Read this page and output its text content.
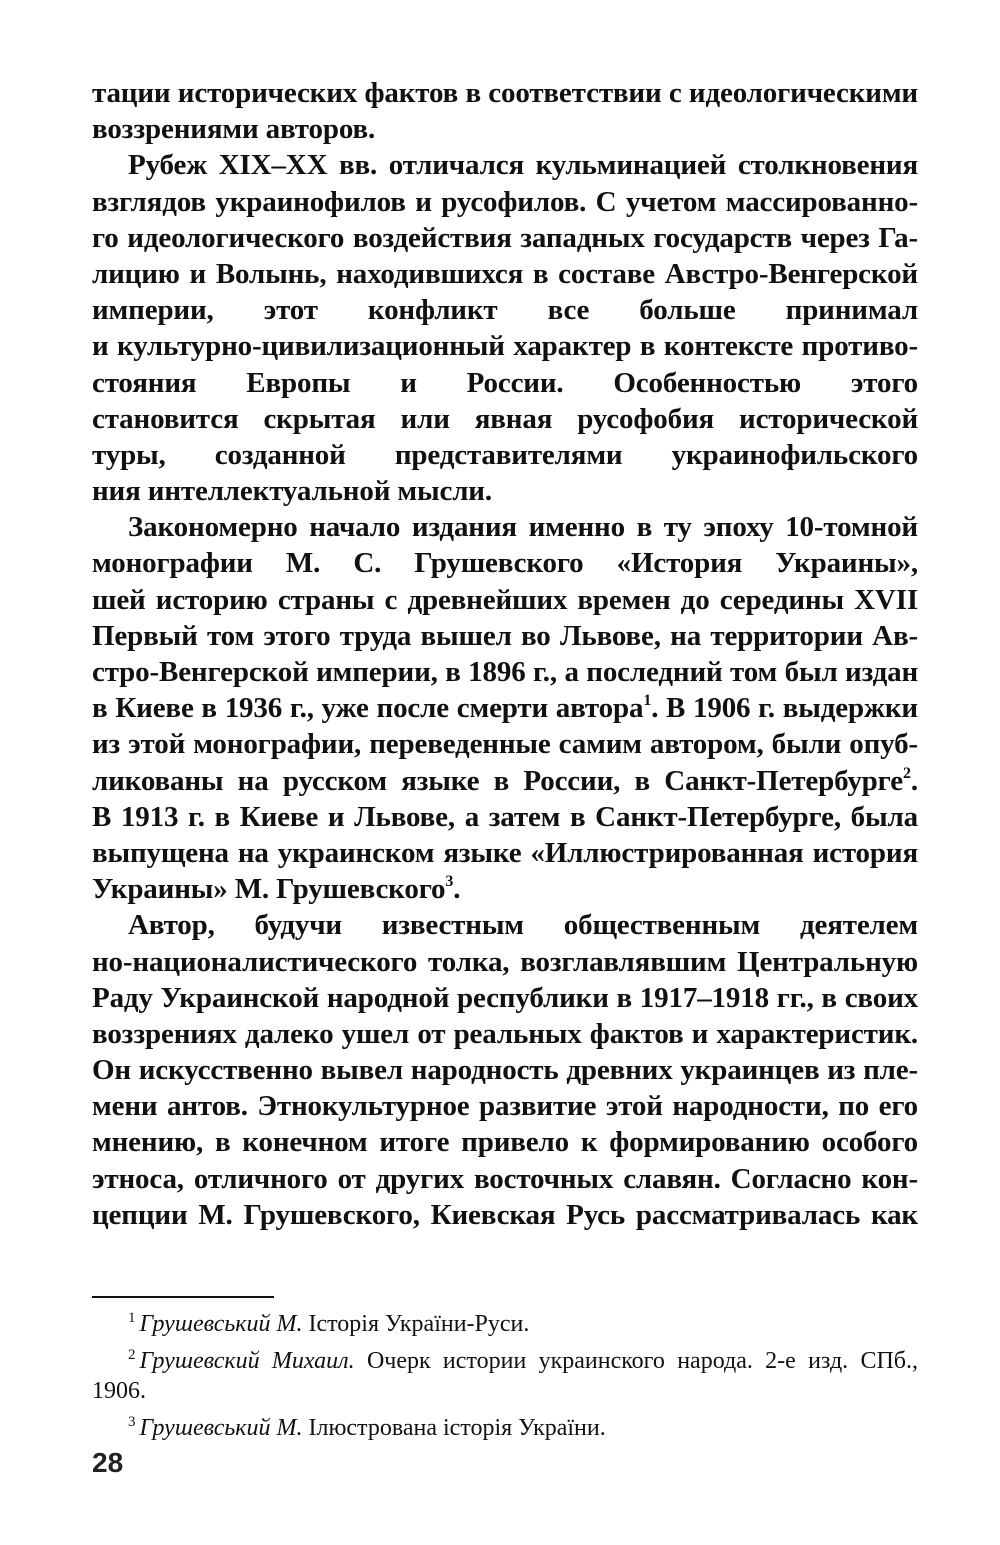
тации исторических фактов в соответствии с идеологическими
воззрениями авторов.
Рубеж XIX–XX вв. отличался кульминацией столкновения
взглядов украинофилов и русофилов. С учетом массированно-
го идеологического воздействия западных государств через Га-
лицию и Волынь, находившихся в составе Австро-Венгерской
империи, этот конфликт все больше принимал
и культурно-цивилизационный характер в контексте противо-
стояния Европы и России. Особенностью этого
становится скрытая или явная русофобия исторической
туры, созданной представителями украинофильского
ния интеллектуальной мысли.
Закономерно начало издания именно в ту эпоху 10-томной
монографии М. С. Грушевского «История Украины»,
шей историю страны с древнейших времен до середины XVII
Первый том этого труда вышел во Львове, на территории Ав-
стро-Венгерской империи, в 1896 г., а последний том был издан
в Киеве в 1936 г., уже после смерти автора$^1$. В 1906 г. выдержки
из этой монографии, переведенные самим автором, были опуб-
ликованы на русском языке в России, в Санкт-Петербурге$^2$.
В 1913 г. в Киеве и Львове, а затем в Санкт-Петербурге, была
выпущена на украинском языке «Иллюстрированная история
Украины» М. Грушевского$^3$.
Автор, будучи известным общественным деятелем
но-националистического толка, возглавлявшим Центральную
Раду Украинской народной республики в 1917–1918 гг., в своих
воззрениях далеко ушел от реальных фактов и характеристик.
Он искусственно вывел народность древних украинцев из пле-
мени антов. Этнокультурное развитие этой народности, по его
мнению, в конечном итоге привело к формированию особого
этноса, отличного от других восточных славян. Согласно кон-
цепции М. Грушевского, Киевская Русь рассматривалась как

$^1$ Грушевський М. Історія України-Руси.

$^2$ Грушевский Михаил. Очерк истории украинского народа. 2-е изд. СПб., 1906.

$^3$ Грушевський М. Ілюстрована історія України.

28
